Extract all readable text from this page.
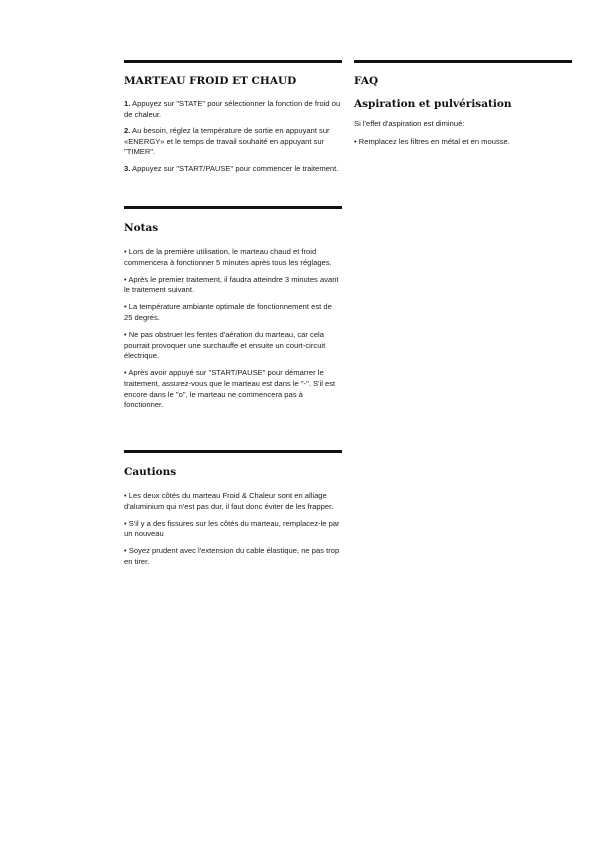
MARTEAU FROID ET CHAUD

1. Appuyez sur "STATE" pour sélectionner la fonction de froid ou de chaleur.

2. Au besoin, réglez la température de sortie en appuyant sur «ENERGY» et le temps de travail souhaité en appuyant sur "TIMER".

3. Appuyez sur "START/PAUSE" pour commencer le traitement.

Notas

• Lors de la première utilisation, le marteau chaud et froid commencera à fonctionner 5 minutes après tous les réglages.

• Après le premier traitement, il faudra atteindre 3 minutes avant le traitement suivant.

• La température ambiante optimale de fonctionnement est de 25 degrés.

• Ne pas obstruer les fentes d'aération du marteau, car cela pourrait provoquer une surchauffe et ensuite un court-circuit électrique.

• Après avoir appuyé sur "START/PAUSE" pour démarrer le traitement, assurez-vous que le marteau est dans le "-". S'il est encore dans le "o", le marteau ne commencera pas à fonctionner.

Cautions

• Les deux côtés du marteau Froid & Chaleur sont en alliage d'aluminium qui n'est pas dur, il faut donc éviter de les frapper.

• S'il y a des fissures sur les côtés du marteau, remplacez-le par un nouveau

• Soyez prudent avec l'extension du cable élastique, ne pas trop en tirer.

FAQ
Aspiration et pulvérisation

Si l'effet d'aspiration est diminué:

• Remplacez les filtres en métal et en mousse.
